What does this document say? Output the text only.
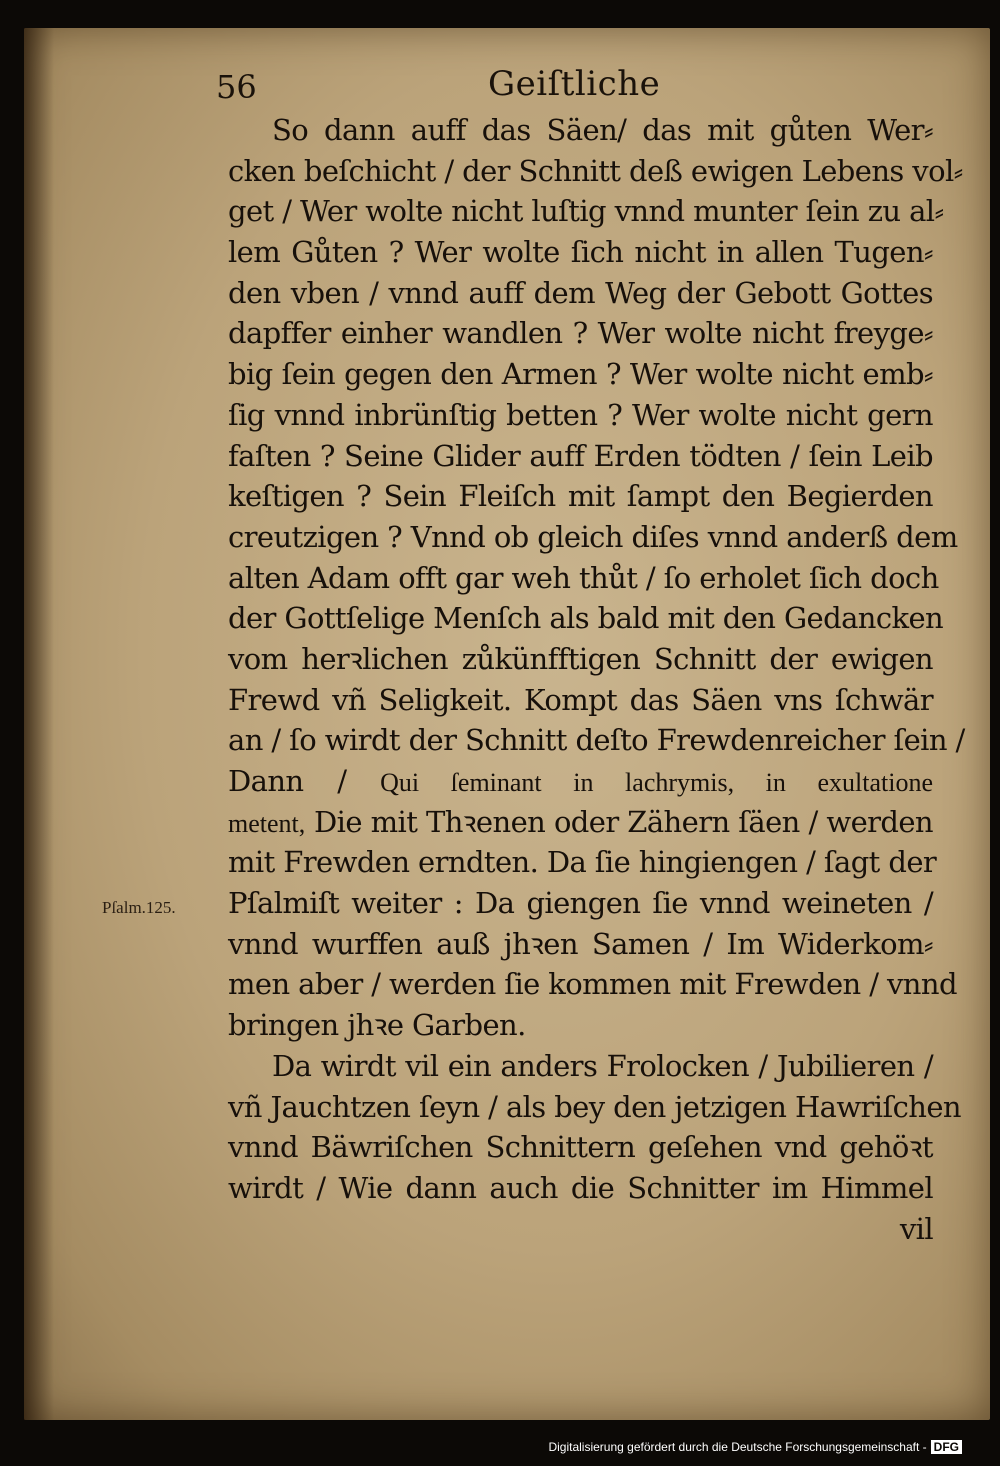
56	Geiſtliche
Pſalm.125.
So dann auff das Säen/ das mit gůten Wer⸗
cken beſchicht / der Schnitt deß ewigen Lebens vol⸗
get / Wer wolte nicht luſtig vnnd munter ſein zu al⸗
lem Gůten ? Wer wolte ſich nicht in allen Tugen⸗
den vben / vnnd auff dem Weg der Gebott Gottes
dapffer einher wandlen ? Wer wolte nicht freyge⸗
big ſein gegen den Armen ? Wer wolte nicht emb⸗
ſig vnnd inbrünſtig betten ? Wer wolte nicht gern
faſten ? Seine Glider auff Erden tödten / ſein Leib
keſtigen ? Sein Fleiſch mit ſampt den Begierden
creutzigen ? Vnnd ob gleich diſes vnnd anderß dem
alten Adam offt gar weh thůt / ſo erholet ſich doch
der Gottſelige Menſch als bald mit den Gedancken
vom herꝛlichen zůkünfftigen Schnitt der ewigen
Frewd vñ Seligkeit. Kompt das Säen vns ſchwär
an / ſo wirdt der Schnitt deſto Frewdenreicher ſein /
Dann / Qui ſeminant in lachrymis, in exultatione
metent, Die mit Thꝛenen oder Zähern ſäen / werden
mit Frewden erndten. Da ſie hingiengen / ſagt der
Pſalmiſt weiter : Da giengen ſie vnnd weineten /
vnnd wurffen auß jhꝛen Samen / Im Widerkom⸗
men aber / werden ſie kommen mit Frewden / vnnd
bringen jhꝛe Garben.
Da wirdt vil ein anders Frolocken / Jubilieren /
vñ Jauchtzen ſeyn / als bey den jetzigen Hawriſchen
vnnd Bäwriſchen Schnittern geſehen vnd gehöꝛt
wirdt / Wie dann auch die Schnitter im Himmel
vil
Digitalisierung gefördert durch die Deutsche Forschungsgemeinschaft - DFG
